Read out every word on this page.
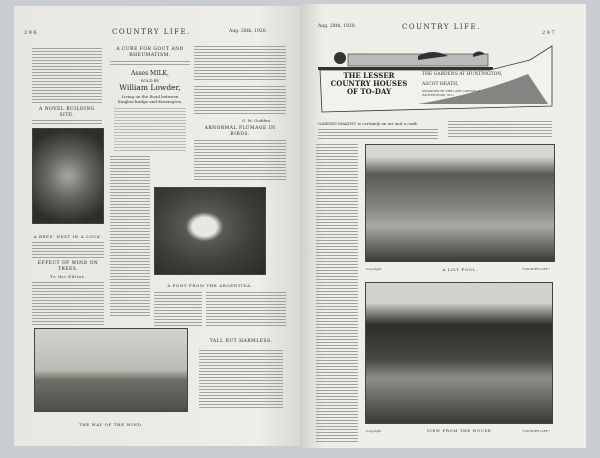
296	COUNTRY LIFE.	Aug. 28th, 1920.
A NOVEL BUILDING SITE.
A BEES' NEST IN A LOCK.
EFFECT OF WIND ON TREES.
To the Editor.
A CURE FOR GOUT AND RHEUMATISM.
Asses MILK,
SOLD BY
William Lowder,
Living on the Road between Knights-bridge and Kensington.
G. M. Godden.
ABNORMAL PLUMAGE IN BIRDS.
A PONY FROM THE ARGENTINA.
THE WAY OF THE WIND.
TALL BUT HARMLESS.
Aug. 28th, 1920.	COUNTRY LIFE.
297
THE LESSER COUNTRY HOUSES OF TO-DAY
THE GARDENS AT HUNTINGTON,
ASCOT HEATH,
DESIGNED BY THE LATE CAPTAIN A. WINTER ROSE, M.C.
GARDEN-MAKING is certainly an art and a craft,
Copyright	A LILY POOL.	"COUNTRY LIFE."
Copyright	VIEW FROM THE HOUSE.	"COUNTRY LIFE."
